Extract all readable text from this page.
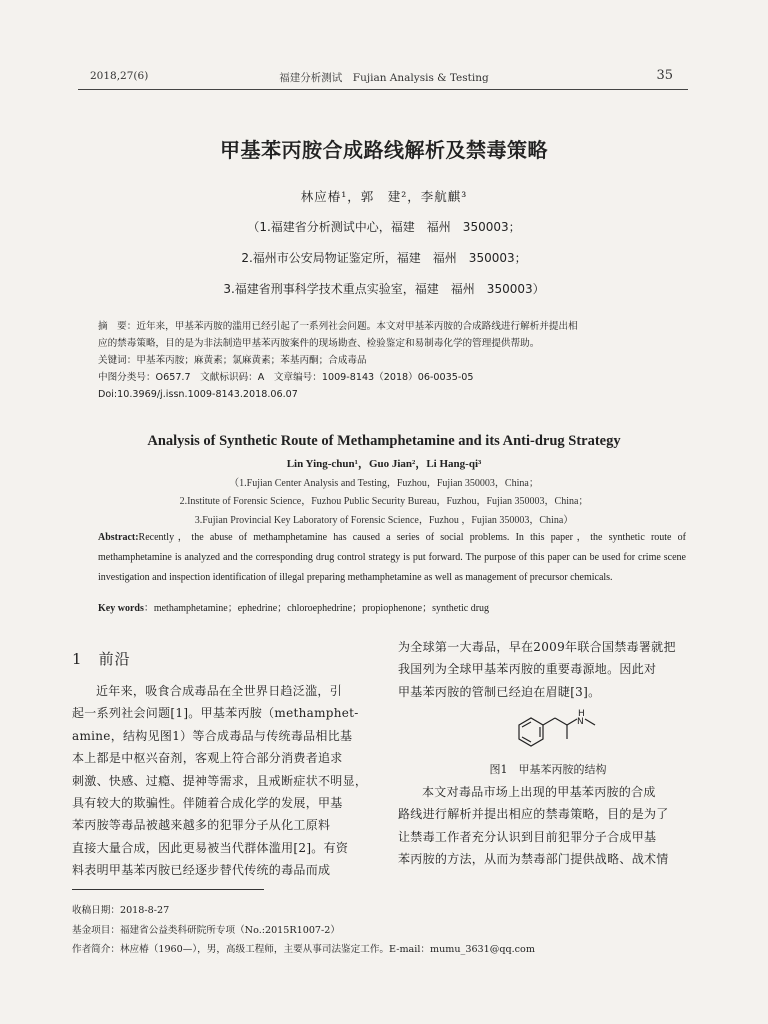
2018,27(6)	福建分析测试　Fujian Analysis & Testing	35
甲基苯丙胺合成路线解析及禁毒策略
林应椿¹，郭　建²，李航麒³
（1.福建省分析测试中心，福建　福州　350003；
2.福州市公安局物证鉴定所，福建　福州　350003；
3.福建省刑事科学技术重点实验室，福建　福州　350003）
摘　要：近年来，甲基苯丙胺的滥用已经引起了一系列社会问题。本文对甲基苯丙胺的合成路线进行解析并提出相
应的禁毒策略，目的是为非法制造甲基苯丙胺案件的现场勘查、检验鉴定和易制毒化学的管理提供帮助。
关键词：甲基苯丙胺；麻黄素；氯麻黄素；苯基丙酮；合成毒品
中图分类号：O657.7　文献标识码：A　文章编号：1009-8143（2018）06-0035-05
Doi:10.3969/j.issn.1009-8143.2018.06.07
Analysis of Synthetic Route of Methamphetamine and its Anti-drug Strategy
Lin Ying-chun¹，Guo Jian²，Li Hang-qi³
（1.Fujian Center Analysis and Testing，Fuzhou，Fujian 350003，China；
2.Institute of Forensic Science，Fuzhou Public Security Bureau，Fuzhou，Fujian 350003，China；
3.Fujian Provincial Key Laboratory of Forensic Science，Fuzhou ，Fujian 350003，China）
Abstract:Recently，the abuse of methamphetamine has caused a series of social problems. In this paper，the synthetic route of methamphetamine is analyzed and the corresponding drug control strategy is put forward. The purpose of this paper can be used for crime scene investigation and inspection identification of illegal preparing methamphetamine as well as management of precursor chemicals.
Key words：methamphetamine；ephedrine；chloroephedrine；propiophenone；synthetic drug
1　 前沿
近年来，吸食合成毒品在全世界日趋泛滥，引
起一系列社会问题[1]。甲基苯丙胺（methamphet-
amine，结构见图1）等合成毒品与传统毒品相比基
本上都是中枢兴奋剂，客观上符合部分消费者追求
刺激、快感、过瘾、提神等需求，且戒断症状不明显，
具有较大的欺骗性。伴随着合成化学的发展，甲基
苯丙胺等毒品被越来越多的犯罪分子从化工原料
直接大量合成，因此更易被当代群体滥用[2]。有资
料表明甲基苯丙胺已经逐步替代传统的毒品而成
为全球第一大毒品，早在2009年联合国禁毒署就把
我国列为全球甲基苯丙胺的重要毒源地。因此对
甲基苯丙胺的管制已经迫在眉睫[3]。
H
N
图1　甲基苯丙胺的结构
本文对毒品市场上出现的甲基苯丙胺的合成
路线进行解析并提出相应的禁毒策略，目的是为了
让禁毒工作者充分认识到目前犯罪分子合成甲基
苯丙胺的方法，从而为禁毒部门提供战略、战术情
收稿日期：2018-8-27
基金项目：福建省公益类科研院所专项（No.:2015R1007-2）
作者简介：林应椿（1960—），男，高级工程师，主要从事司法鉴定工作。E-mail：mumu_3631@qq.com
